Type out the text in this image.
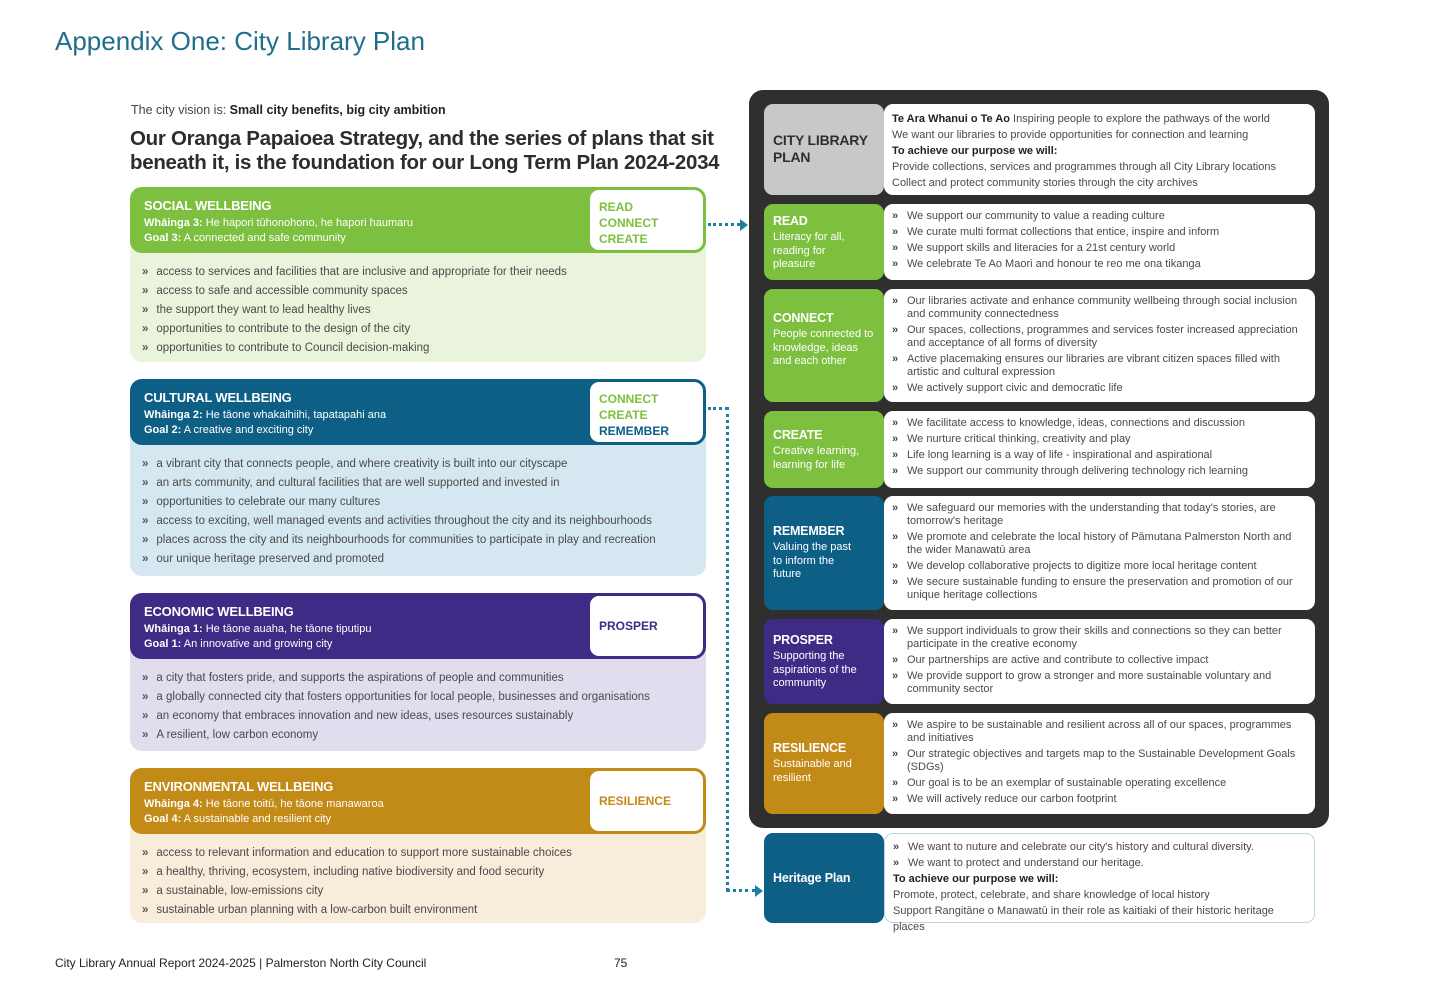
Appendix One: City Library Plan
The city vision is: Small city benefits, big city ambition
Our Oranga Papaioea Strategy, and the series of plans that sit beneath it, is the foundation for our Long Term Plan 2024-2034
SOCIAL WELLBEING
Whāinga 3: He hapori tūhonohono, he hapori haumaru
Goal 3: A connected and safe community
READ
CONNECT
CREATE
» access to services and facilities that are inclusive and appropriate for their needs
» access to safe and accessible community spaces
» the support they want to lead healthy lives
» opportunities to contribute to the design of the city
» opportunities to contribute to Council decision-making
CULTURAL WELLBEING
Whāinga 2: He tāone whakaihiihi, tapatapahi ana
Goal 2: A creative and exciting city
CONNECT
CREATE
REMEMBER
» a vibrant city that connects people, and where creativity is built into our cityscape
» an arts community, and cultural facilities that are well supported and invested in
» opportunities to celebrate our many cultures
» access to exciting, well managed events and activities throughout the city and its neighbourhoods
» places across the city and its neighbourhoods for communities to participate in play and recreation
» our unique heritage preserved and promoted
ECONOMIC WELLBEING
Whāinga 1: He tāone auaha, he tāone tiputipu
Goal 1: An innovative and growing city
PROSPER
» a city that fosters pride, and supports the aspirations of people and communities
» a globally connected city that fosters opportunities for local people, businesses and organisations
» an economy that embraces innovation and new ideas, uses resources sustainably
» A resilient, low carbon economy
ENVIRONMENTAL WELLBEING
Whāinga 4: He tāone toitū, he tāone manawaroa
Goal 4: A sustainable and resilient city
RESILIENCE
» access to relevant information and education to support more sustainable choices
» a healthy, thriving, ecosystem, including native biodiversity and food security
» a sustainable, low-emissions city
» sustainable urban planning with a low-carbon built environment
CITY LIBRARY PLAN
Te Ara Whanui o Te Ao Inspiring people to explore the pathways of the world
We want our libraries to provide opportunities for connection and learning
To achieve our purpose we will:
Provide collections, services and programmes through all City Library locations
Collect and protect community stories through the city archives
READ
Literacy for all, reading for pleasure
» We support our community to value a reading culture
» We curate multi format collections that entice, inspire and inform
» We support skills and literacies for a 21st century world
» We celebrate Te Ao Maori and honour te reo me ona tikanga
CONNECT
People connected to knowledge, ideas and each other
» Our libraries activate and enhance community wellbeing through social inclusion and community connectedness
» Our spaces, collections, programmes and services foster increased appreciation and acceptance of all forms of diversity
» Active placemaking ensures our libraries are vibrant citizen spaces filled with artistic and cultural expression
» We actively support civic and democratic life
CREATE
Creative learning, learning for life
» We facilitate access to knowledge, ideas, connections and discussion
» We nurture critical thinking, creativity and play
» Life long learning is a way of life - inspirational and aspirational
» We support our community through delivering technology rich learning
REMEMBER
Valuing the past to inform the future
» We safeguard our memories with the understanding that today's stories, are tomorrow's heritage
» We promote and celebrate the local history of Pāmutana Palmerston North and the wider Manawatū area
» We develop collaborative projects to digitize more local heritage content
» We secure sustainable funding to ensure the preservation and promotion of our unique heritage collections
PROSPER
Supporting the aspirations of the community
» We support individuals to grow their skills and connections so they can better participate in the creative economy
» Our partnerships are active and contribute to collective impact
» We provide support to grow a stronger and more sustainable voluntary and community sector
RESILIENCE
Sustainable and resilient
» We aspire to be sustainable and resilient across all of our spaces, programmes and initiatives
» Our strategic objectives and targets map to the Sustainable Development Goals (SDGs)
» Our goal is to be an exemplar of sustainable operating excellence
» We will actively reduce our carbon footprint
Heritage Plan
» We want to nuture and celebrate our city's history and cultural diversity.
» We want to protect and understand our heritage.
To achieve our purpose we will:
Promote, protect, celebrate, and share knowledge of local history
Support Rangitāne o Manawatū in their role as kaitiaki of their historic heritage places
City Library Annual Report 2024-2025 | Palmerston North City Council	75
